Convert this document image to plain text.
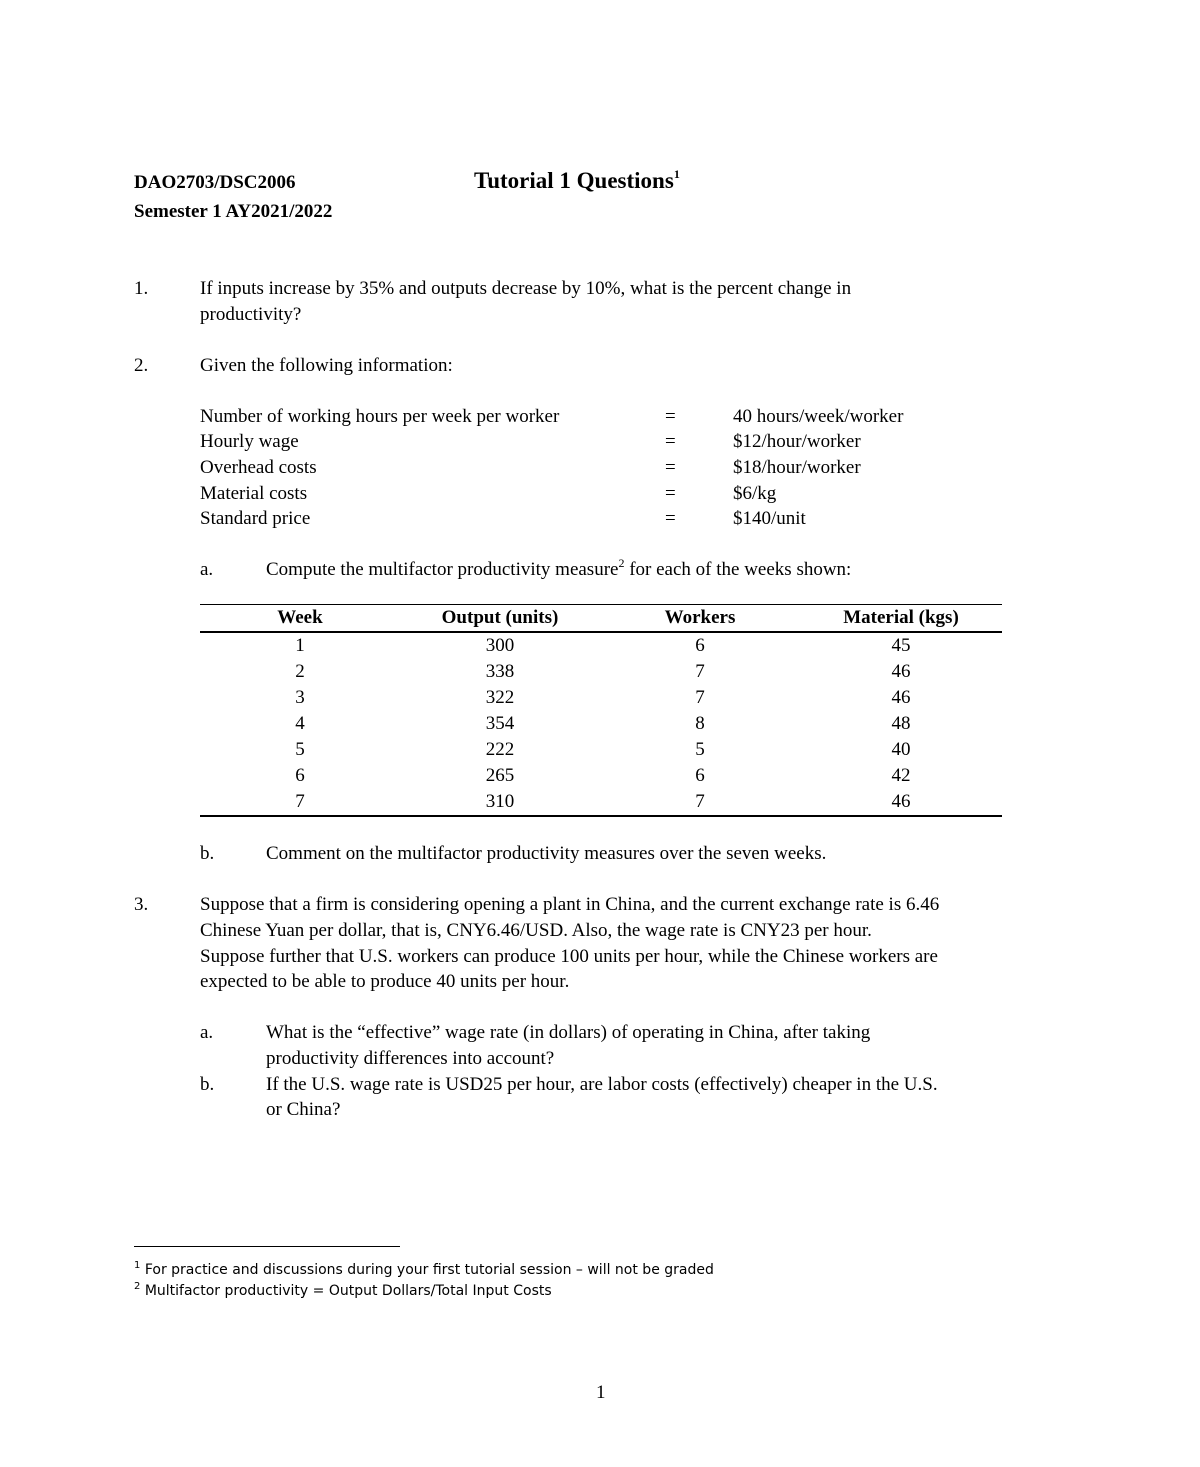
DAO2703/DSC2006
Semester 1 AY2021/2022
Tutorial 1 Questions$^1$
1.	If inputs increase by 35% and outputs decrease by 10%, what is the percent change in
productivity?
2.	Given the following information:
Number of working hours per week per worker	=	40 hours/week/worker
Hourly wage	=	$12/hour/worker
Overhead costs	=	$18/hour/worker
Material costs	=	$6/kg
Standard price	=	$140/unit
a.	Compute the multifactor productivity measure$^2$ for each of the weeks shown:
Week	Output (units)	Workers	Material (kgs)
1	300	6	45
2	338	7	46
3	322	7	46
4	354	8	48
5	222	5	40
6	265	6	42
7	310	7	46
b.	Comment on the multifactor productivity measures over the seven weeks.
3.	Suppose that a firm is considering opening a plant in China, and the current exchange rate is 6.46
Chinese Yuan per dollar, that is, CNY6.46/USD. Also, the wage rate is CNY23 per hour.
Suppose further that U.S. workers can produce 100 units per hour, while the Chinese workers are
expected to be able to produce 40 units per hour.
a.	What is the “effective” wage rate (in dollars) of operating in China, after taking
productivity differences into account?
b.	If the U.S. wage rate is USD25 per hour, are labor costs (effectively) cheaper in the U.S.
or China?
$^1$ For practice and discussions during your first tutorial session – will not be graded
$^2$ Multifactor productivity = Output Dollars/Total Input Costs
1
